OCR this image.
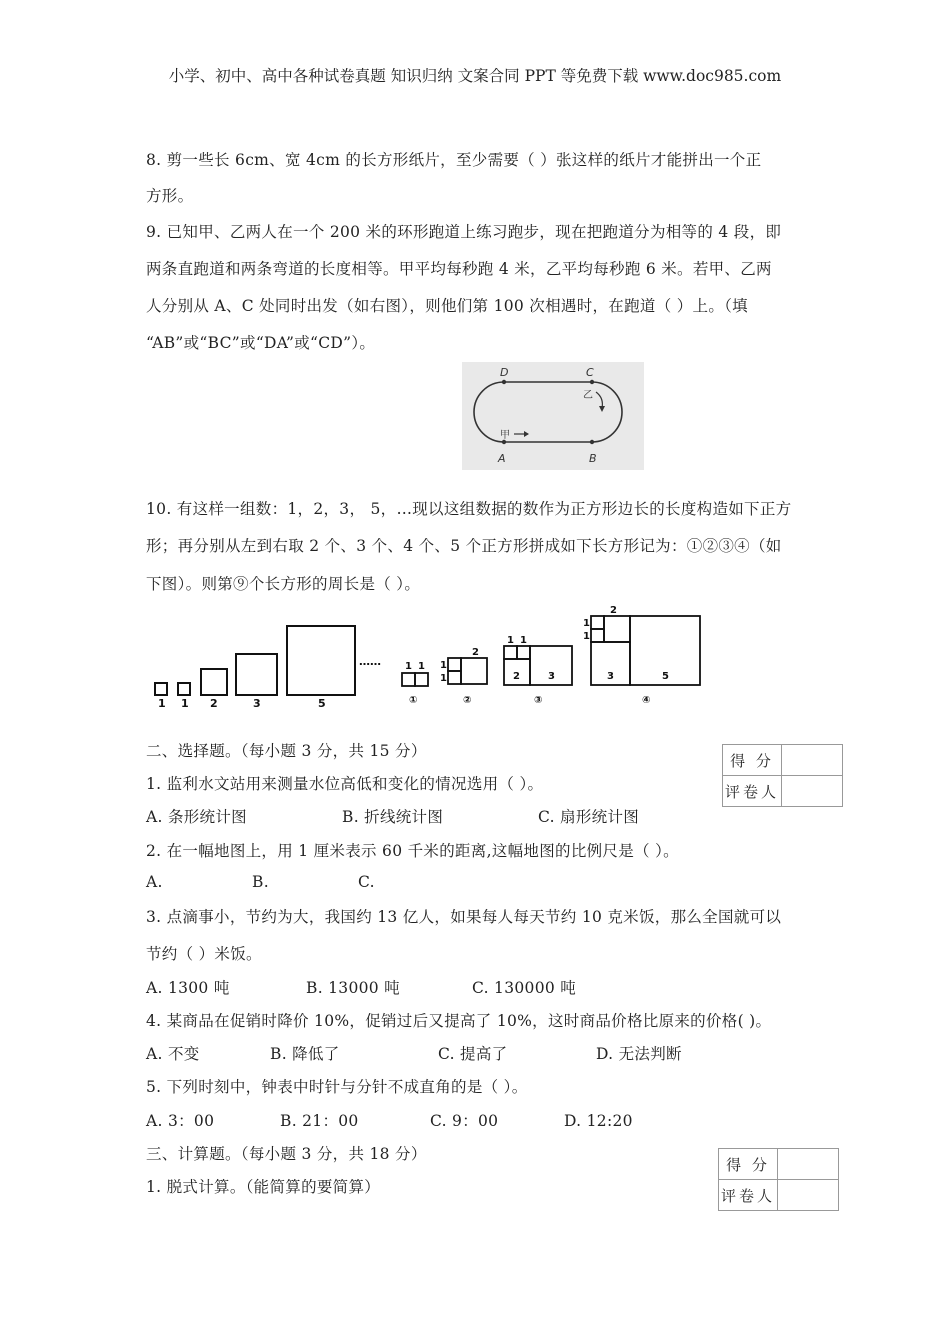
小学、初中、高中各种试卷真题 知识归纳 文案合同 PPT 等免费下载 www.doc985.com
8. 剪一些长 6cm、宽 4cm 的长方形纸片，至少需要（ ）张这样的纸片才能拼出一个正
方形。
9. 已知甲、乙两人在一个 200 米的环形跑道上练习跑步，现在把跑道分为相等的 4 段，即
两条直跑道和两条弯道的长度相等。甲平均每秒跑 4 米，乙平均每秒跑 6 米。若甲、乙两
人分别从 A、C 处同时出发（如右图），则他们第 100 次相遇时，在跑道（ ）上。（填
“AB”或“BC”或“DA”或“CD”）。
D	C
A	B
甲
乙
10. 有这样一组数：1，2，3， 5，…现以这组数据的数作为正方形边长的长度构造如下正方
形；再分别从左到右取 2 个、3 个、4 个、5 个正方形拼成如下长方形记为：①②③④（如
下图）。则第⑨个长方形的周长是（ ）。
1 1 2	3	5
…… 1 1
①
2
1
1
②
1 1
2	3
③
2
1
1
3	5
④
二、选择题。（每小题 3 分，共 15 分）
得 分	
评卷人	
1. 监利水文站用来测量水位高低和变化的情况选用（ ）。
A. 条形统计图	B. 折线统计图	C. 扇形统计图
2. 在一幅地图上，用 1 厘米表示 60 千米的距离,这幅地图的比例尺是（ ）。
A.	B.	C.
3. 点滴事小，节约为大，我国约 13 亿人，如果每人每天节约 10 克米饭，那么全国就可以
节约（ ）米饭。
A. 1300 吨	B. 13000 吨	C. 130000 吨
4. 某商品在促销时降价 10%，促销过后又提高了 10%，这时商品价格比原来的价格( )。
A. 不变	B. 降低了	C. 提高了	D. 无法判断
5. 下列时刻中，钟表中时针与分针不成直角的是（ ）。
A. 3：00	B. 21：00	C. 9：00	D. 12:20
三、计算题。（每小题 3 分，共 18 分）
得 分	
评卷人	
1. 脱式计算。（能简算的要简算）
